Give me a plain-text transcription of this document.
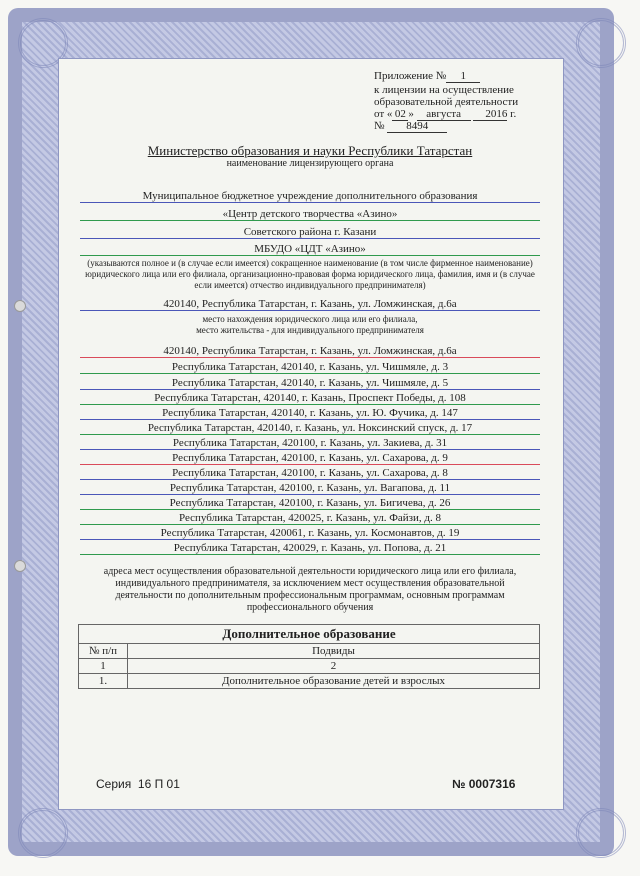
Приложение № 1
к лицензии на осуществление
образовательной деятельности
от « 02 » августа 2016 г.
№ 8494
Министерство образования и науки Республики Татарстан
наименование лицензирующего органа
Муниципальное бюджетное учреждение дополнительного образования
«Центр детского творчества «Азино»
Советского района г. Казани
МБУДО «ЦДТ «Азино»
(указываются полное и (в случае если имеется) сокращенное наименование (в том числе фирменное наименование) юридического лица или его филиала, организационно-правовая форма юридического лица, фамилия, имя и (в случае если имеется) отчество индивидуального предпринимателя)
420140, Республика Татарстан, г. Казань, ул. Ломжинская, д.6а
место нахождения юридического лица или его филиала,
место жительства - для индивидуального предпринимателя
420140, Республика Татарстан, г. Казань, ул. Ломжинская, д.6а
Республика Татарстан, 420140, г. Казань, ул. Чишмяле, д. 3
Республика Татарстан, 420140, г. Казань, ул. Чишмяле, д. 5
Республика Татарстан, 420140, г. Казань, Проспект Победы, д. 108
Республика Татарстан, 420140, г. Казань, ул. Ю. Фучика, д. 147
Республика Татарстан, 420140, г. Казань, ул. Ноксинский спуск, д. 17
Республика Татарстан, 420100, г. Казань, ул. Закиева, д. 31
Республика Татарстан, 420100, г. Казань, ул. Сахарова, д. 9
Республика Татарстан, 420100, г. Казань, ул. Сахарова, д. 8
Республика Татарстан, 420100, г. Казань, ул. Вагапова, д. 11
Республика Татарстан, 420100, г. Казань, ул. Бигичева, д. 26
Республика Татарстан, 420025, г. Казань, ул. Файзи, д. 8
Республика Татарстан, 420061, г. Казань, ул. Космонавтов, д. 19
Республика Татарстан, 420029, г. Казань, ул. Попова, д. 21
адреса мест осуществления образовательной деятельности юридического лица или его филиала, индивидуального предпринимателя, за исключением мест осуществления образовательной деятельности по дополнительным профессиональным программам, основным программам профессионального обучения
Дополнительное образование	
№ п/п	Подвиды
1	2
1.	Дополнительное образование детей и взрослых
Серия 16 П 01	№ 0007316
